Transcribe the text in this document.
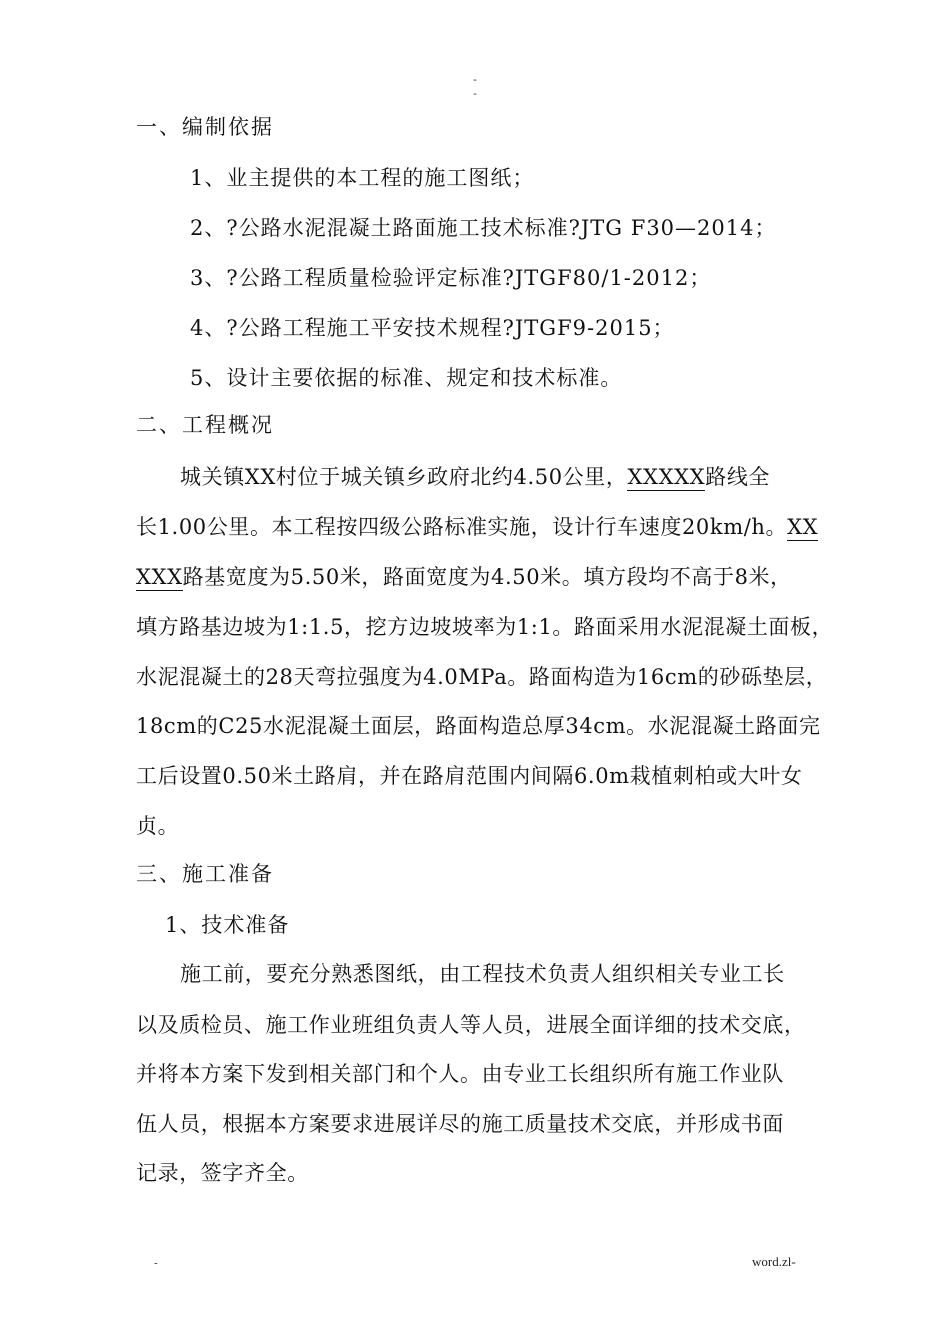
-
-
一、编制依据
1、业主提供的本工程的施工图纸；
2、?公路水泥混凝土路面施工技术标准?JTG F30—2014；
3、?公路工程质量检验评定标准?JTGF80/1-2012；
4、?公路工程施工平安技术规程?JTGF9-2015；
5、设计主要依据的标准、规定和技术标准。
二、工程概况
城关镇XX村位于城关镇乡政府北约4.50公里，XXXXX路线全
长1.00公里。本工程按四级公路标准实施，设计行车速度20km/h。XX
XXX路基宽度为5.50米，路面宽度为4.50米。填方段均不高于8米，
填方路基边坡为1:1.5，挖方边坡坡率为1:1。路面采用水泥混凝土面板，
水泥混凝土的28天弯拉强度为4.0MPa。路面构造为16cm的砂砾垫层，
18cm的C25水泥混凝土面层，路面构造总厚34cm。水泥混凝土路面完
工后设置0.50米土路肩，并在路肩范围内间隔6.0m栽植刺柏或大叶女
贞。
三、施工准备
1、技术准备
施工前，要充分熟悉图纸，由工程技术负责人组织相关专业工长
以及质检员、施工作业班组负责人等人员，进展全面详细的技术交底，
并将本方案下发到相关部门和个人。由专业工长组织所有施工作业队
伍人员，根据本方案要求进展详尽的施工质量技术交底，并形成书面
记录，签字齐全。
-	word.zl-
